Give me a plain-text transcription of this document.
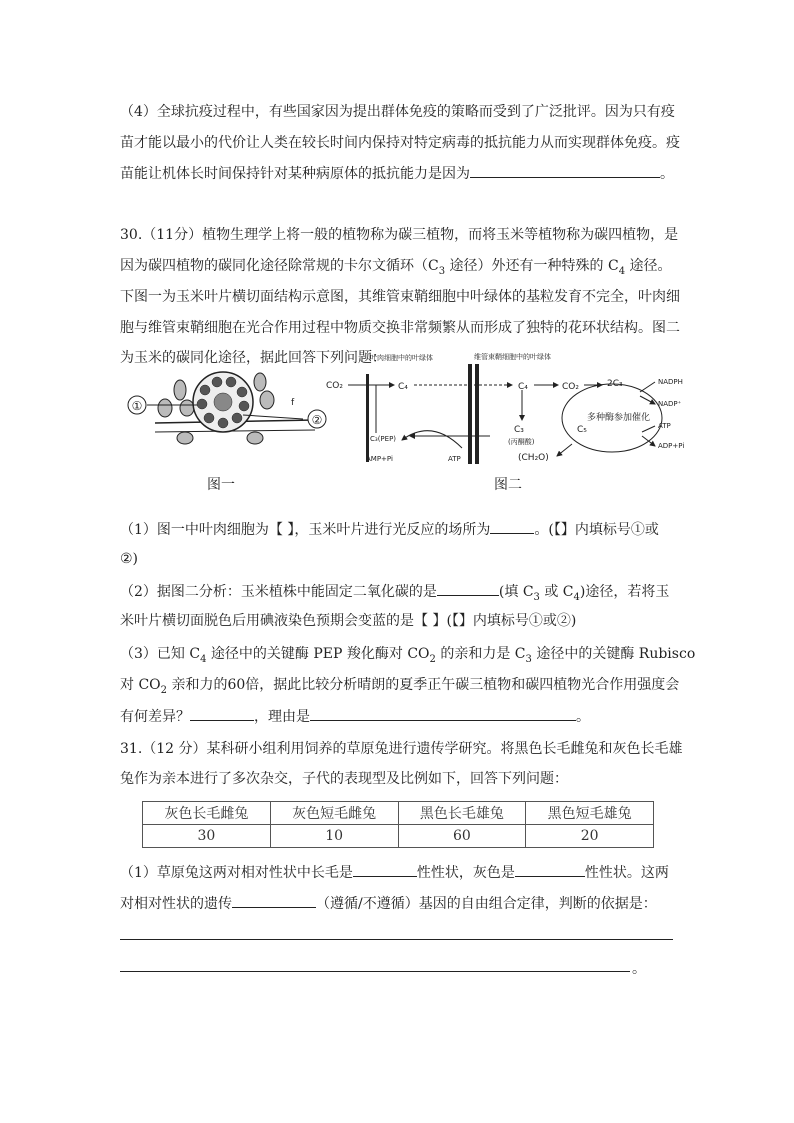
（4）全球抗疫过程中，有些国家因为提出群体免疫的策略而受到了广泛批评。因为只有疫

苗才能以最小的代价让人类在较长时间内保持对特定病毒的抵抗能力从而实现群体免疫。疫

苗能让机体长时间保持针对某种病原体的抵抗能力是因为	。

30.（11分）植物生理学上将一般的植物称为碳三植物，而将玉米等植物称为碳四植物，是

因为碳四植物的碳同化途径除常规的卡尔文循环（$C_3$ 途径）外还有一种特殊的 $C_4$ 途径。

下图一为玉米叶片横切面结构示意图，其维管束鞘细胞中叶绿体的基粒发育不完全，叶肉细

胞与维管束鞘细胞在光合作用过程中物质交换非常频繁从而形成了独特的花环状结构。图二

为玉米的碳同化途径，据此回答下列问题：

f
①
②
图一
叶肉细胞中的叶绿体	维管束鞘细胞中的叶绿体
CO₂	C₄	C₄	CO₂
C₃(PEP)
AMP+Pi	ATP
C₃
(丙酮酸)
(CH₂O)
2C₃
C₅
多种酶参加催化
NADPH
NADP⁺
ATP
ADP+Pi
图二

（1）图一中叶肉细胞为【 】，玉米叶片进行光反应的场所为	。(【】内填标号①或

②)

（2）据图二分析：玉米植株中能固定二氧化碳的是	(填 $C_3$ 或 $C_4$)途径，若将玉

米叶片横切面脱色后用碘液染色预期会变蓝的是【 】(【】内填标号①或②)

（3）已知 $C_4$ 途径中的关键酶 PEP 羧化酶对 $CO_2$ 的亲和力是 $C_3$ 途径中的关键酶 Rubisco

对 $CO_2$ 亲和力的60倍，据此比较分析晴朗的夏季正午碳三植物和碳四植物光合作用强度会

有何差异？	，理由是	。

31.（12 分）某科研小组利用饲养的草原兔进行遗传学研究。将黑色长毛雌兔和灰色长毛雄

兔作为亲本进行了多次杂交，子代的表现型及比例如下，回答下列问题：

灰色长毛雌兔	灰色短毛雌兔	黑色长毛雄兔	黑色短毛雄兔
30	10	60	20

（1）草原兔这两对相对性状中长毛是	性性状，灰色是	性性状。这两

对相对性状的遗传	（遵循/不遵循）基因的自由组合定律，判断的依据是：

。
